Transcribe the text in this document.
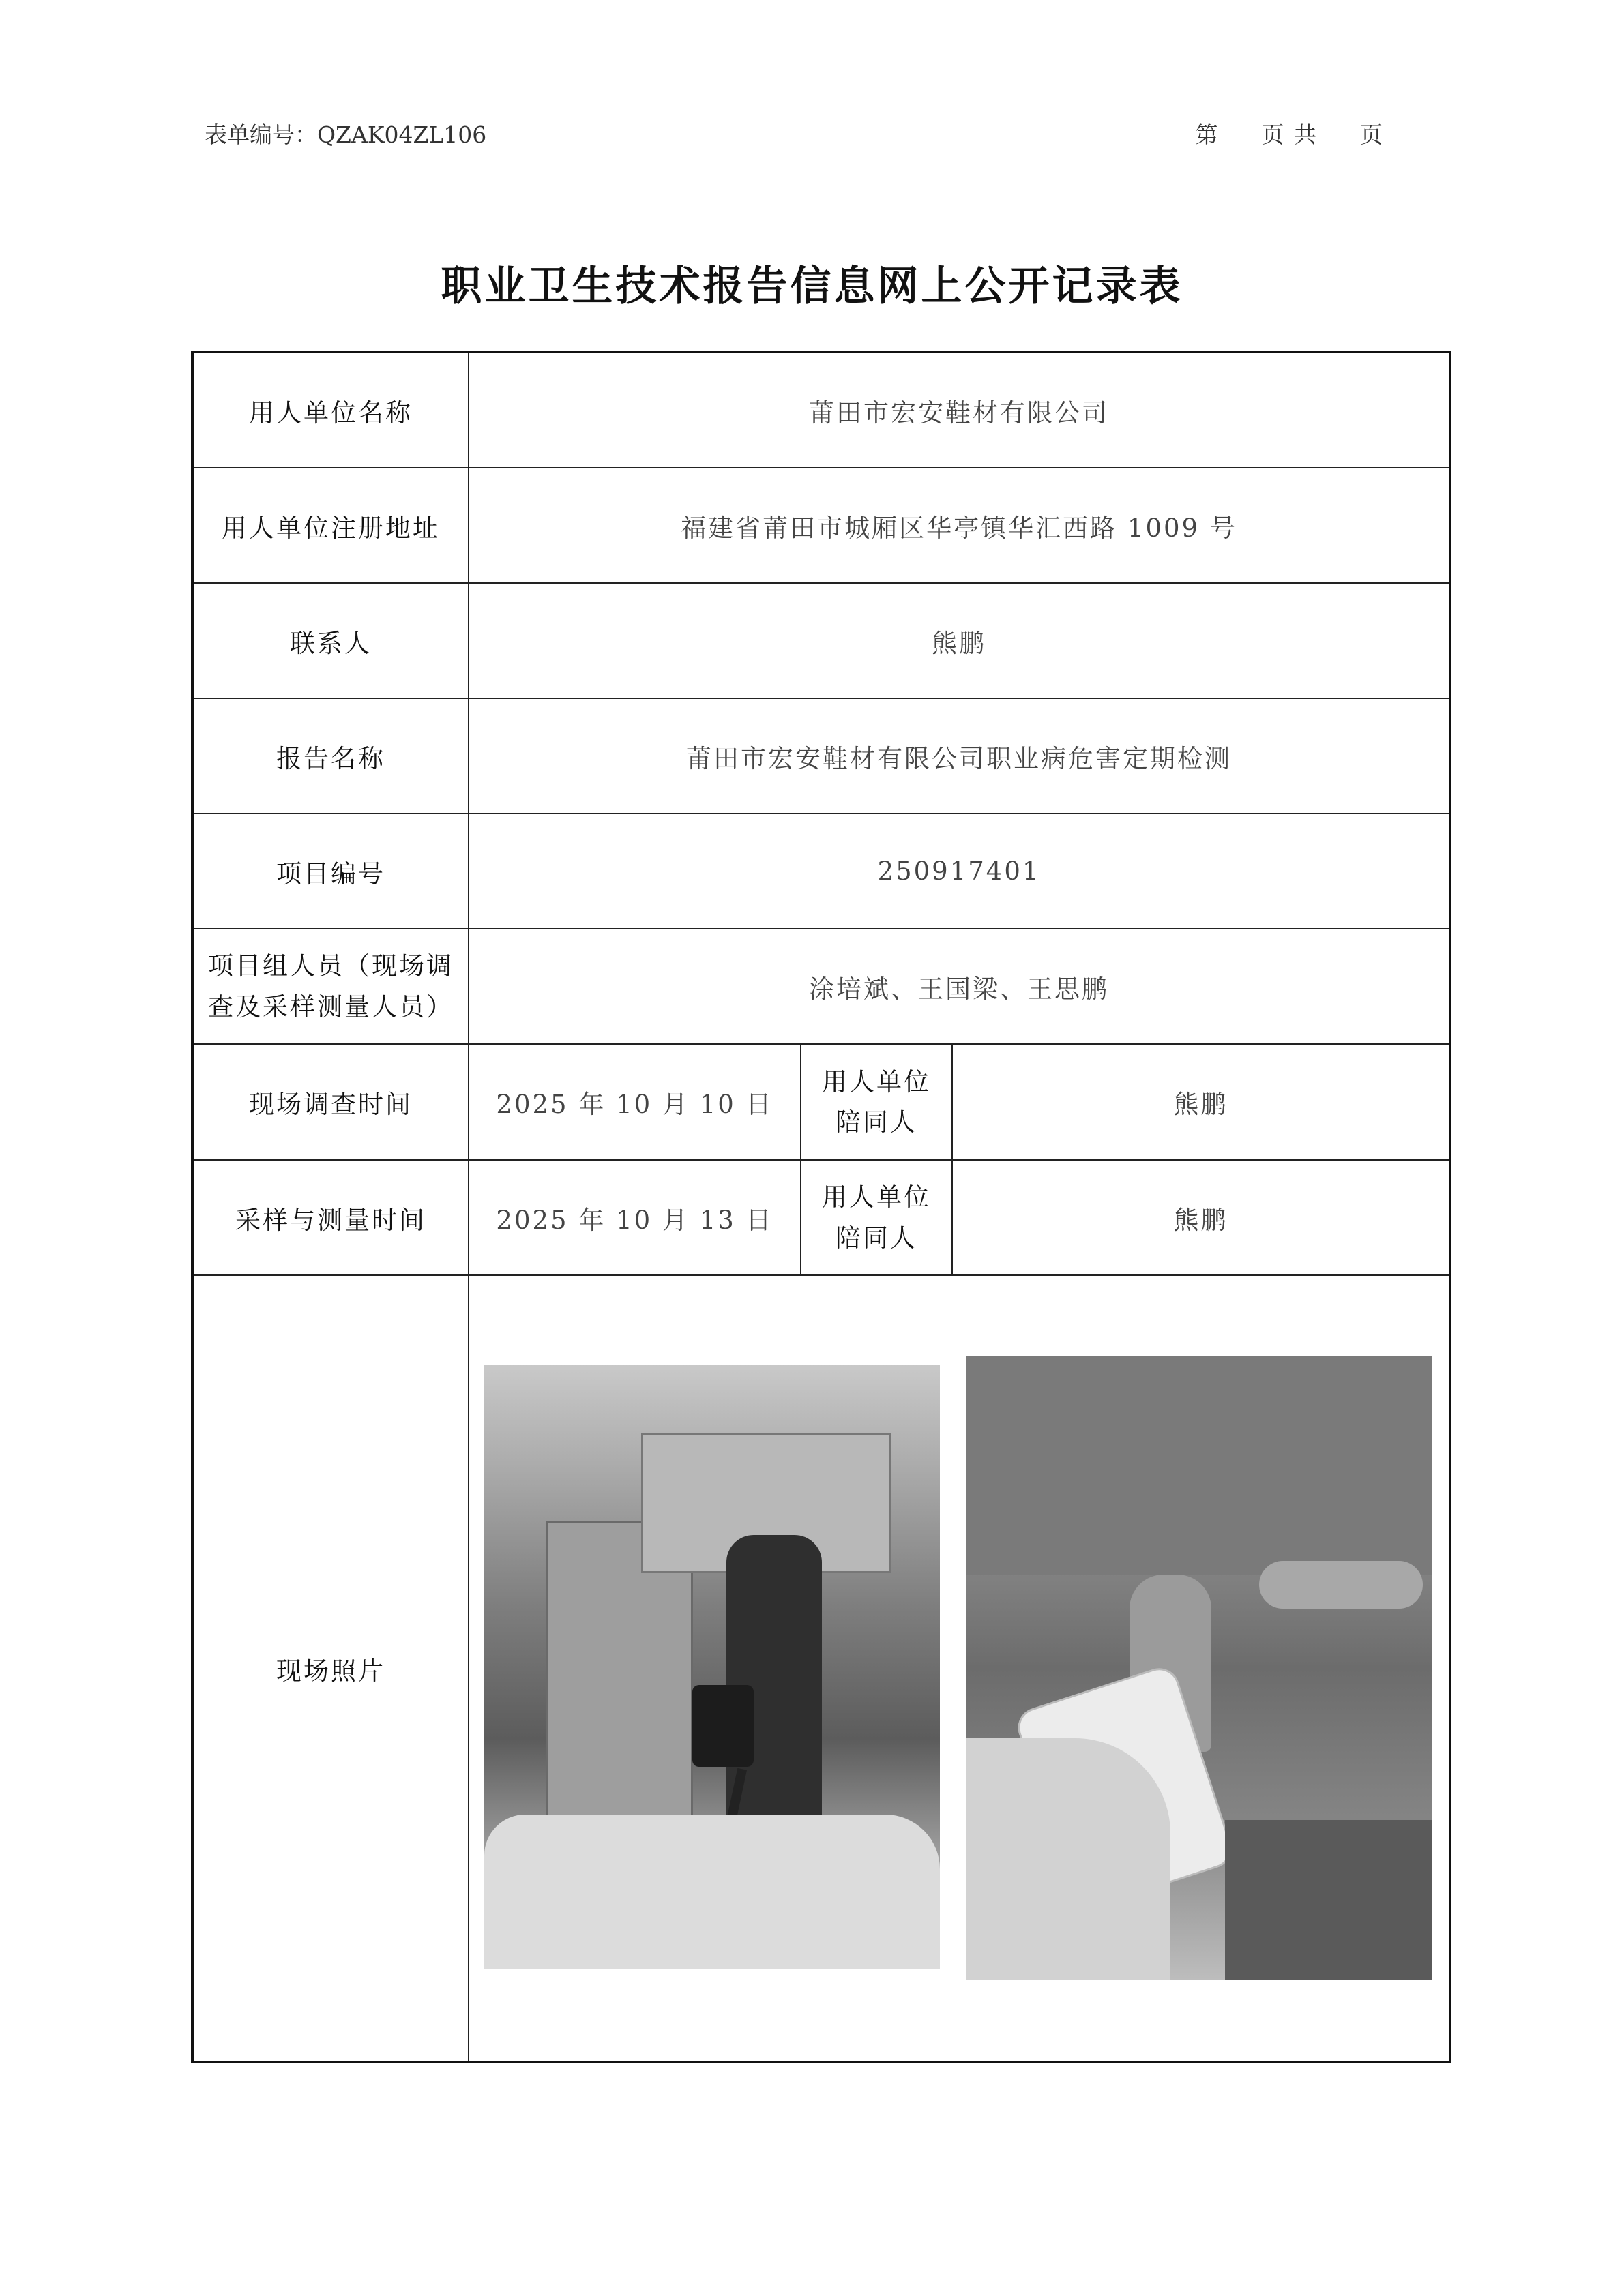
表单编号：QZAK04ZL106	第 页 共 页
职业卫生技术报告信息网上公开记录表
用人单位名称	莆田市宏安鞋材有限公司		
用人单位注册地址	福建省莆田市城厢区华亭镇华汇西路 1009 号		
联系人	熊鹏		
报告名称	莆田市宏安鞋材有限公司职业病危害定期检测		
项目编号	250917401		

项目组人员（现场调
查及采样测量人员）	涂培斌、王国梁、王思鹏		
现场调查时间	2025 年 10 月 10 日	用人单位
陪同人	熊鹏
采样与测量时间	2025 年 10 月 13 日	用人单位
陪同人	熊鹏
现场照片			
